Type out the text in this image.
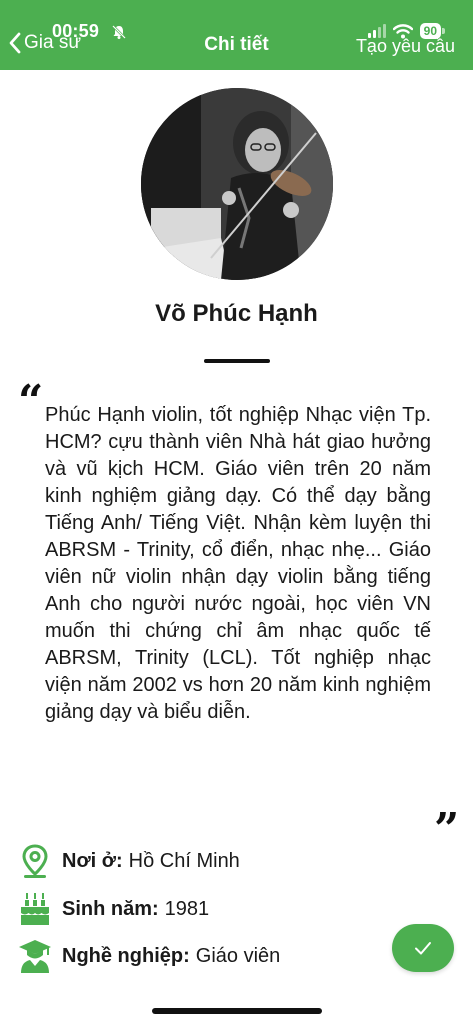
00:59	90
Gia sư	Chi tiết	Tạo yêu cầu
Võ Phúc Hạnh
“ Phúc Hạnh violin, tốt nghiệp Nhạc viện Tp. HCM? cựu thành viên Nhà hát giao hưởng và vũ kịch HCM. Giáo viên trên 20 năm kinh nghiệm giảng dạy. Có thể dạy bằng Tiếng Anh/ Tiếng Việt. Nhận kèm luyện thi ABRSM - Trinity, cổ điển, nhạc nhẹ... Giáo viên nữ violin nhận dạy violin bằng tiếng Anh cho người nước ngoài, học viên VN muốn thi chứng chỉ âm nhạc quốc tế ABRSM, Trinity (LCL). Tốt nghiệp nhạc viện năm 2002 vs hơn 20 năm kinh nghiệm giảng dạy và biểu diễn.

”
Nơi ở: Hồ Chí Minh
Sinh năm: 1981
Nghề nghiệp: Giáo viên
